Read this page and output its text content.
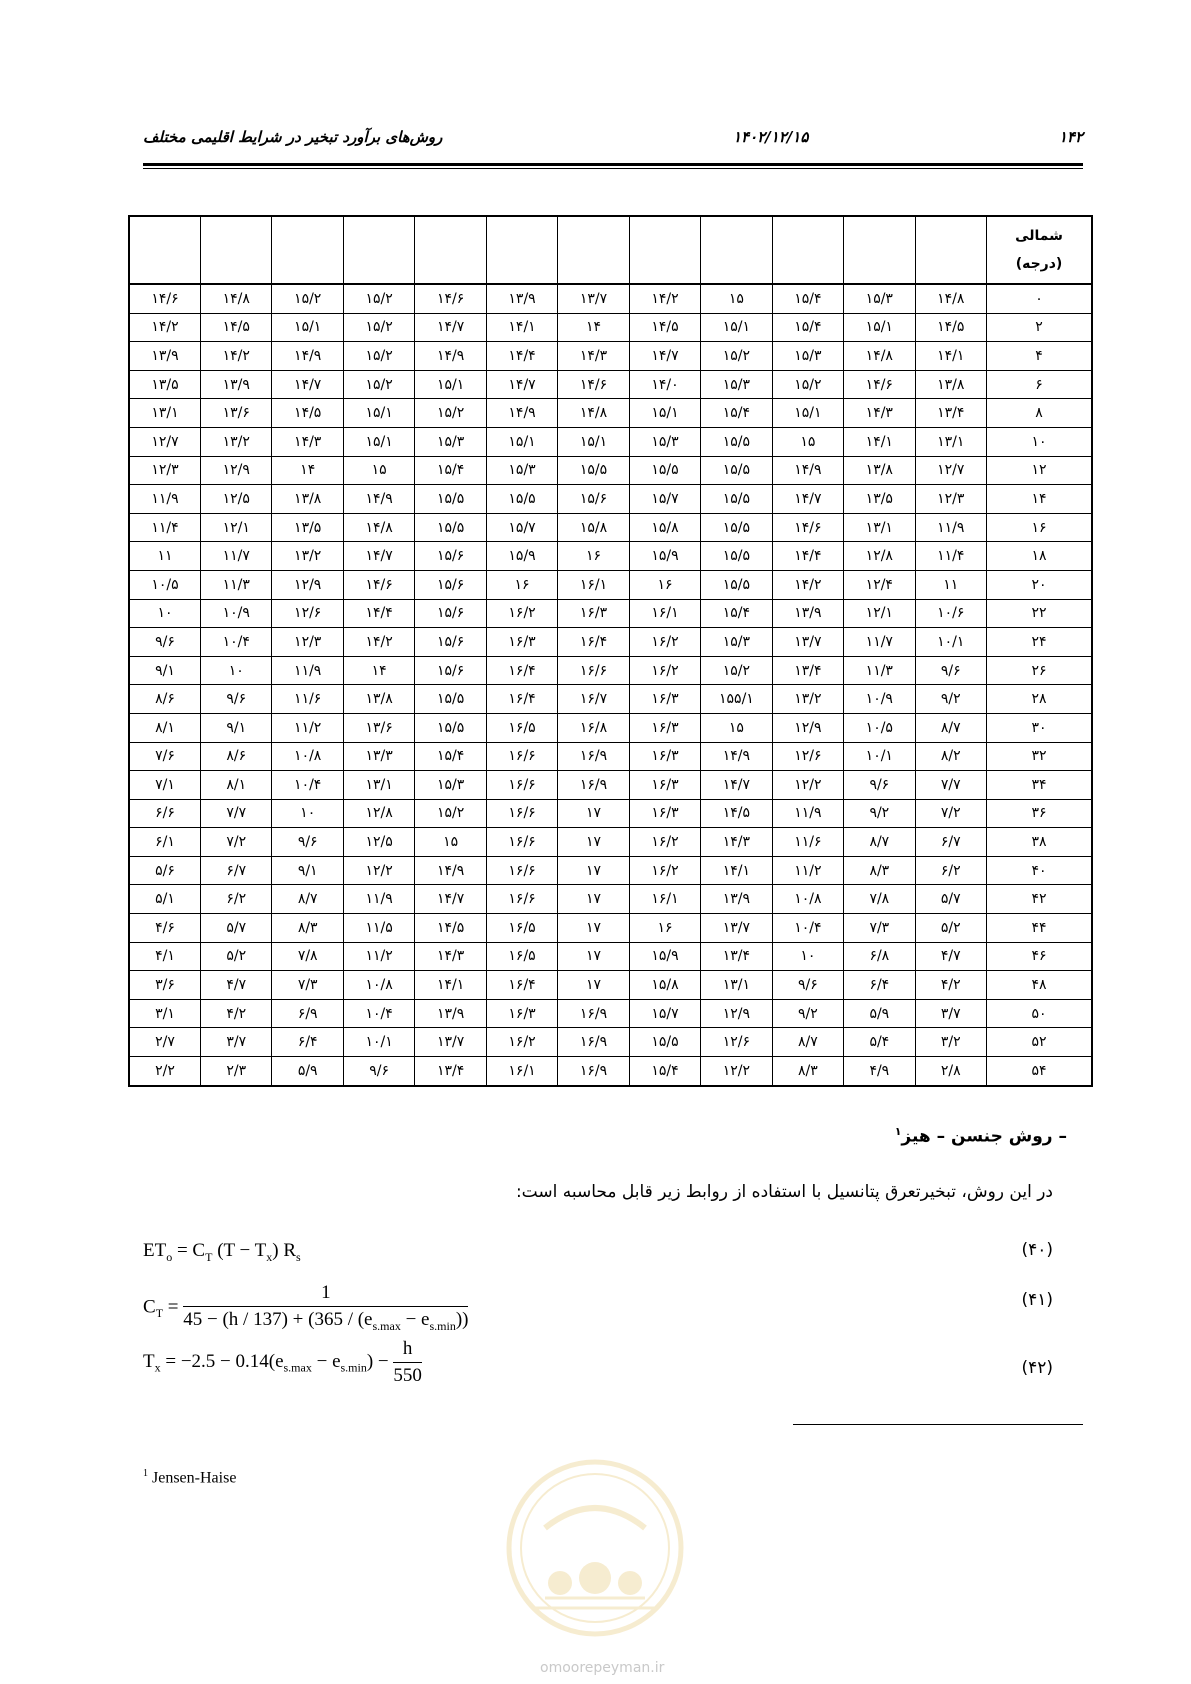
۱۴۲
۱۴۰۲/۱۲/۱۵
روش‌های برآورد تبخیر در شرایط اقلیمی مختلف
شمالی
(درجه)												

۰	۱۴/۸	۱۵/۳	۱۵/۴	۱۵	۱۴/۲	۱۳/۷	۱۳/۹	۱۴/۶	۱۵/۲	۱۵/۲	۱۴/۸	۱۴/۶
۲	۱۴/۵	۱۵/۱	۱۵/۴	۱۵/۱	۱۴/۵	۱۴	۱۴/۱	۱۴/۷	۱۵/۲	۱۵/۱	۱۴/۵	۱۴/۲
۴	۱۴/۱	۱۴/۸	۱۵/۳	۱۵/۲	۱۴/۷	۱۴/۳	۱۴/۴	۱۴/۹	۱۵/۲	۱۴/۹	۱۴/۲	۱۳/۹
۶	۱۳/۸	۱۴/۶	۱۵/۲	۱۵/۳	۱۴/۰	۱۴/۶	۱۴/۷	۱۵/۱	۱۵/۲	۱۴/۷	۱۳/۹	۱۳/۵
۸	۱۳/۴	۱۴/۳	۱۵/۱	۱۵/۴	۱۵/۱	۱۴/۸	۱۴/۹	۱۵/۲	۱۵/۱	۱۴/۵	۱۳/۶	۱۳/۱
۱۰	۱۳/۱	۱۴/۱	۱۵	۱۵/۵	۱۵/۳	۱۵/۱	۱۵/۱	۱۵/۳	۱۵/۱	۱۴/۳	۱۳/۲	۱۲/۷
۱۲	۱۲/۷	۱۳/۸	۱۴/۹	۱۵/۵	۱۵/۵	۱۵/۵	۱۵/۳	۱۵/۴	۱۵	۱۴	۱۲/۹	۱۲/۳
۱۴	۱۲/۳	۱۳/۵	۱۴/۷	۱۵/۵	۱۵/۷	۱۵/۶	۱۵/۵	۱۵/۵	۱۴/۹	۱۳/۸	۱۲/۵	۱۱/۹
۱۶	۱۱/۹	۱۳/۱	۱۴/۶	۱۵/۵	۱۵/۸	۱۵/۸	۱۵/۷	۱۵/۵	۱۴/۸	۱۳/۵	۱۲/۱	۱۱/۴
۱۸	۱۱/۴	۱۲/۸	۱۴/۴	۱۵/۵	۱۵/۹	۱۶	۱۵/۹	۱۵/۶	۱۴/۷	۱۳/۲	۱۱/۷	۱۱
۲۰	۱۱	۱۲/۴	۱۴/۲	۱۵/۵	۱۶	۱۶/۱	۱۶	۱۵/۶	۱۴/۶	۱۲/۹	۱۱/۳	۱۰/۵
۲۲	۱۰/۶	۱۲/۱	۱۳/۹	۱۵/۴	۱۶/۱	۱۶/۳	۱۶/۲	۱۵/۶	۱۴/۴	۱۲/۶	۱۰/۹	۱۰
۲۴	۱۰/۱	۱۱/۷	۱۳/۷	۱۵/۳	۱۶/۲	۱۶/۴	۱۶/۳	۱۵/۶	۱۴/۲	۱۲/۳	۱۰/۴	۹/۶
۲۶	۹/۶	۱۱/۳	۱۳/۴	۱۵/۲	۱۶/۲	۱۶/۶	۱۶/۴	۱۵/۶	۱۴	۱۱/۹	۱۰	۹/۱
۲۸	۹/۲	۱۰/۹	۱۳/۲	۱۵۵/۱	۱۶/۳	۱۶/۷	۱۶/۴	۱۵/۵	۱۳/۸	۱۱/۶	۹/۶	۸/۶
۳۰	۸/۷	۱۰/۵	۱۲/۹	۱۵	۱۶/۳	۱۶/۸	۱۶/۵	۱۵/۵	۱۳/۶	۱۱/۲	۹/۱	۸/۱
۳۲	۸/۲	۱۰/۱	۱۲/۶	۱۴/۹	۱۶/۳	۱۶/۹	۱۶/۶	۱۵/۴	۱۳/۳	۱۰/۸	۸/۶	۷/۶
۳۴	۷/۷	۹/۶	۱۲/۲	۱۴/۷	۱۶/۳	۱۶/۹	۱۶/۶	۱۵/۳	۱۳/۱	۱۰/۴	۸/۱	۷/۱
۳۶	۷/۲	۹/۲	۱۱/۹	۱۴/۵	۱۶/۳	۱۷	۱۶/۶	۱۵/۲	۱۲/۸	۱۰	۷/۷	۶/۶
۳۸	۶/۷	۸/۷	۱۱/۶	۱۴/۳	۱۶/۲	۱۷	۱۶/۶	۱۵	۱۲/۵	۹/۶	۷/۲	۶/۱
۴۰	۶/۲	۸/۳	۱۱/۲	۱۴/۱	۱۶/۲	۱۷	۱۶/۶	۱۴/۹	۱۲/۲	۹/۱	۶/۷	۵/۶
۴۲	۵/۷	۷/۸	۱۰/۸	۱۳/۹	۱۶/۱	۱۷	۱۶/۶	۱۴/۷	۱۱/۹	۸/۷	۶/۲	۵/۱
۴۴	۵/۲	۷/۳	۱۰/۴	۱۳/۷	۱۶	۱۷	۱۶/۵	۱۴/۵	۱۱/۵	۸/۳	۵/۷	۴/۶
۴۶	۴/۷	۶/۸	۱۰	۱۳/۴	۱۵/۹	۱۷	۱۶/۵	۱۴/۳	۱۱/۲	۷/۸	۵/۲	۴/۱
۴۸	۴/۲	۶/۴	۹/۶	۱۳/۱	۱۵/۸	۱۷	۱۶/۴	۱۴/۱	۱۰/۸	۷/۳	۴/۷	۳/۶
۵۰	۳/۷	۵/۹	۹/۲	۱۲/۹	۱۵/۷	۱۶/۹	۱۶/۳	۱۳/۹	۱۰/۴	۶/۹	۴/۲	۳/۱
۵۲	۳/۲	۵/۴	۸/۷	۱۲/۶	۱۵/۵	۱۶/۹	۱۶/۲	۱۳/۷	۱۰/۱	۶/۴	۳/۷	۲/۷
۵۴	۲/۸	۴/۹	۸/۳	۱۲/۲	۱۵/۴	۱۶/۹	۱۶/۱	۱۳/۴	۹/۶	۵/۹	۲/۳	۲/۲
– روش جنسن – هیز$^۱$
در این روش، تبخیرتعرق پتانسیل با استفاده از روابط زیر قابل محاسبه است:
$ET_o = C_T$ $(T - T_x)$ $R_s$	(۴۰)
$C_T = \frac{1}{45 - (h / 137) + (365 / (e_{s.max} - e_{s.min}))}$	(۴۱)
$T_x = -2.5 - 0.14(e_{s.max} - e_{s.min}) - \frac{h}{550}$	(۴۲)
$^1$ Jensen-Haise
omoorepeyman.ir
